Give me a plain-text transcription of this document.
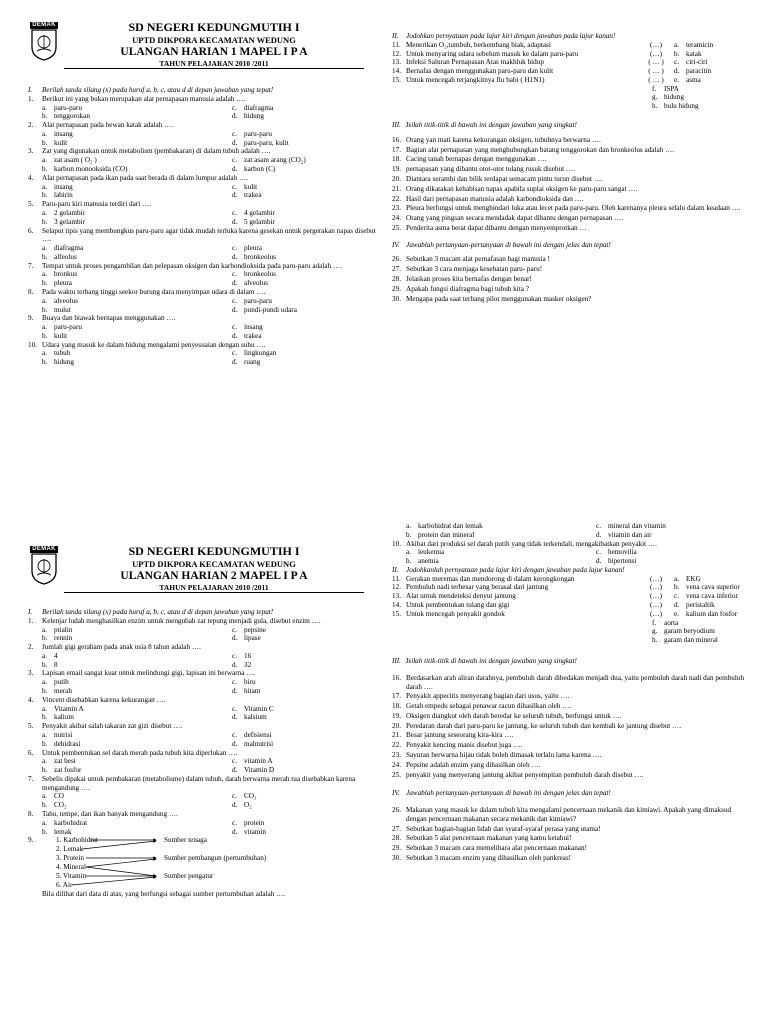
DEMAK	SD NEGERI KEDUNGMUTIH I
UPTD DIKPORA KECAMATAN WEDUNG
ULANGAN HARIAN 1 MAPEL I P A
TAHUN PELAJARAN 2010 /2011
I. Berilah tanda silang (x) pada huruf a, b, c, atau d di depan jawaban yang tepat!
1.	Berikut ini yang bukan merupakan alat pernapasan manusia adalah ….
a. paru-paru	c. diafragma
b. tenggorokan	d. hidung
2.	Alat pernapasan pada hewan katak adalah ….
a. insang	c. paru-paru
b. kulit	d. paru-paru, kulit
3.	Zat yang digunakan untuk metabolism (pembakaran) di dalam tubuh adalah ….
a. zat asam ( O₂ )	c. zat asam arang (CO₂)
b. karbon monooksida (CO)	d. karbon (C)
4.	Alat pernapasan pada ikan pada saat berada di dalam lumpur adalah ….
a. insang	c. kulit
b. labirin	d. trakea
5.	Paru-paru kiri manusia terdiri dari ….
a. 2 gelambir	c. 4 gelambir
b. 3 gelambir	d. 5 gelambir
6.	Selaput tipis yang membungkus paru-paru agar tidak mudah terluka karena gesekan untuk pergerakan napas disebut ….
a. diafragma	c. pleura
b. alfeolus	d. bronkeolus
7.	Tempat untuk proses pengambilan dan pelepasan oksigen dan karbondioksida pada paru-paru adalah ….
a. bronkus	c. bronkeolus
b. pleura	d. alveolus
8.	Pada waktu terbang tinggi seekor burung dara menyimpan udara di dalam ….
a. alveolus	c. paru-paru
b. mulut	d. pundi-pundi udara
9.	Buaya dan biawak bernapas menggunakan ….
a. paru-paru	c. insang
b. kulit	d. trakea
10. Udara yang masuk ke dalam hidung mengalami penyesuaian dengan suhu ….
a. tubuh	c. lingkungan
b. hidung	d. ruang
II. Jodohkan pernyataan pada lajur kiri dengan jawaban pada lajur kanan!
11. Menerikan O₂,tumbuh, berkembang biak, adaptasi	(…)	a. teramicin
12. Untuk menyaring udara sebelum masuk ke dalam paru-paru	(…)	b. katak
13. Infeksi Saluran Pernapasan Atas makhluk hidup	( … )	c. ciri-ciri
14. Bernafas dengan menggunakan paru-paru dan kulit	( … )	d. paracitin
15. Untuk mencegah terjangkitnya flu babi ( H1N1)	( … )	e. asma
f.	ISPA
g. hidung
h. bulu hidung
III. Isilah titik-titik di bawah ini dengan jawaban yang singkat!
16. Orang yan mati karena kekurangan oksigen, tubuhnya berwarna ….
17. Bagian alat pernapasan yang menghubungkan batang tenggorokan dan bronkeolus adalah ….
18. Cacing tanah bernapas dengan menggunakan ….
19. pernapasan yang dibantu otot-otot tulang rusuk disebut ….
20. Diantara serambi dan bilik terdapat semacam pintu turun disebut ….
21. Orang dikatakan kehabisan napas apabila suplai oksigen ke paru-paru sangat ….
22. Hasil dari pernapasan manusia adalah karbondioksida dan ….
23. Pleura berfungsi untuk menghindari luka atau lecet pada paru-paru. Oleh karenanya pleura selalu dalam keadaan ….
24. Orang yang pingsan secara mendadak dapat dibantu dengan pernapasan ….
25. Penderita asma berat dapat dibantu dengan menyemprotkan …
IV. Jawablah pertanyaan-pertanyaan di bawah ini dengan jelas dan tepat!
26. Sebutkan 3 macam alat pernafasan bagi manusia !
27. Sebutkan 3 cara menjaga kesehatan paru- paru!
28. Jelaskan proses kita bernafas dengan benar!
29. Apakah fungsi diafragma bagi tubuh kita ?
30. Mengapa pada saat terbang pilot menggunakan masker oksigen?
DEMAK	SD NEGERI KEDUNGMUTIH I
UPTD DIKPORA KECAMATAN WEDUNG
ULANGAN HARIAN 2 MAPEL I P A
TAHUN PELAJARAN 2010 /2011
I. Berilah tanda silang (x) pada huruf a, b, c, atau d di depan jawaban yang tepat!
1.	Kelenjar ludah menghasilkan enzim untuk mengubah zat tepung menjadi gula, disebut enzim ….
a. ptialin	c. pepsine
b. rennin	d. lipase
2.	Jumlah gigi geraham pada anak usia 8 tahun adalah ….
a. 4	c. 16
b. 8	d. 32
3.	Lapisan email sangat kuat untuk melindungi gigi, lapisan ini berwarna ….
a. putih	c. biru
b. merah	d. hitam
4.	Vincent disebabkan karena kekurangan ….
a. Vitamin A	c. Vitamin C
b. kalium	d. kalsium
5.	Penyakit akibat salah takaran zat gizi disebut ….
a. nutrisi	c. defisiensi
b. dehidrasi	d. malnutrisi
6.	Untuk pembentukan sel darah merah pada tubuh kita diperlukan ….
a. zat besi	c. vitamin A
b. zat fosfor	d. Vitamin D
7.	Sebelis dipakai untuk pembakaran (metabolisme) dalam tubuh, darah berwarna merah tua disebabkan karena mengandung ….
a. CO	c. CO₃
b. CO₂	d. O₂
8.	Tahu, tempe, dan ikan banyak mengandung ….
a. karbohidrat	c. protein
b. lemak	d. vitamin
9.	1. Karbohidrat
2. Lemak
3. Protein
4. Mineral
5. Vitamin
6. Air
Sumber tenaga
Sumber pembangun (pertumbuhan)
Sumber pengatur
Bila dilihat dari data di atas, yang berfungsi sebagai sumber pertumbuhan adalah ….
a. karbohidrat dan lemak	c. mineral dan vitamin
b. protein dan mineral	d. vitamin dan air
10. Akibat dari produksi sel darah putih yang tidak terkendali, mengakibatkan penyakit ….
a. leukemia	c. hemovilia
b. anemia	d. hipertensi
II. Jodohkanlah pernyataan pada lajur kiri dengan jawaban pada lajur kanan!
11. Gerakan meremas dan mendorong di dalam kerongkongan	(…)	a. EKG
12. Pembuluh nadi terbesar yang berasal dari jantung	(…)	b. vena cava superior
13. Alat untuk mendeteksi denyut jantung	(…)	c. vena cava inferior
14. Untuk pembentukan tulang dan gigi	(…)	d. peristaltik
15. Untuk mencegah penyakit gondok	(…)	e. kalium dan fosfor
f.	aorta
g. garam beryodium
h. garam dan mineral
III. Isilah titik-titik di bawah ini dengan jawaban yang singkat!
16. Berdasarkan arah aliran darahnya, pembuluh darah dibedakan menjadi dua, yaitu pembuluh darah nadi dan pembuluh darah ….
17. Penyakit appecitis menyerang bagian dari usus, yaitu ….
18. Getah empedu sebagai penawar racun dihasilkan oleh ….
19. Oksigen diangkut oleh darah beredar ke seluruh tubuh, berfungsi untuk ….
20. Peredaran darah dari paru-paru ke jantung, ke seluruh tubuh dan kembali ke jantung disebut ….
21. Besar jantung seseorang kira-kira ….
22. Penyakit kencing manis disebut juga ….
23. Sayuran berwarna hijau tidak boleh dimasak terlalu lama karena ….
24. Pepsine adalah enzim yang dihasilkan oleh ….
25. penyakit yang menyerang jantung akibat penyempitan pembuluh darah disebut ….
IV. Jawablah pertanyaan-pertanyaan di bawah ini dengan jelas dan tepat!
26. Makanan yang masuk ke dalam tubuh kita mengalami pencernaan mekanik dan kimiawi. Apakah yang dimaksud dengan pencernaan makanan secara mekanik dan kimiawi?
27. Sebutkan bagian-bagian lidah dan syaraf-syaraf perasa yang utama!
28. Sebutkan 5 alat pencernaan makanan yang kamu ketahui!
29. Sebutkan 3 macam cara memelihara alat pencernaan makanan!
30. Sebutkan 3 macam enzim yang dihasilkan oleh pankreas!
